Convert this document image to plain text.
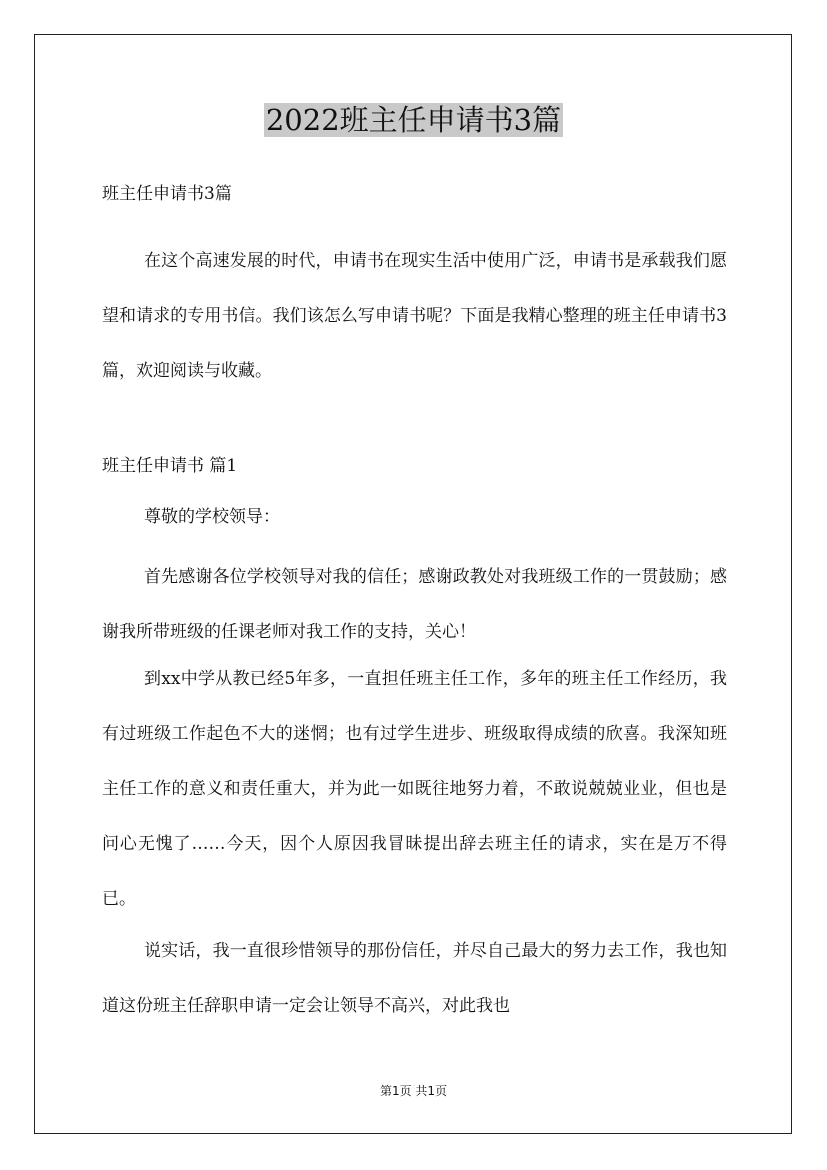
2022班主任申请书3篇

班主任申请书3篇

在这个高速发展的时代，申请书在现实生活中使用广泛，申请书是承载我们愿望和请求的专用书信。我们该怎么写申请书呢？下面是我精心整理的班主任申请书3篇，欢迎阅读与收藏。

班主任申请书 篇1

尊敬的学校领导：

首先感谢各位学校领导对我的信任；感谢政教处对我班级工作的一贯鼓励；感谢我所带班级的任课老师对我工作的支持，关心！

到xx中学从教已经5年多，一直担任班主任工作，多年的班主任工作经历，我有过班级工作起色不大的迷惘；也有过学生进步、班级取得成绩的欣喜。我深知班主任工作的意义和责任重大，并为此一如既往地努力着，不敢说兢兢业业，但也是问心无愧了……今天，因个人原因我冒昧提出辞去班主任的请求，实在是万不得已。

说实话，我一直很珍惜领导的那份信任，并尽自己最大的努力去工作，我也知道这份班主任辞职申请一定会让领导不高兴，对此我也

第1页 共1页
